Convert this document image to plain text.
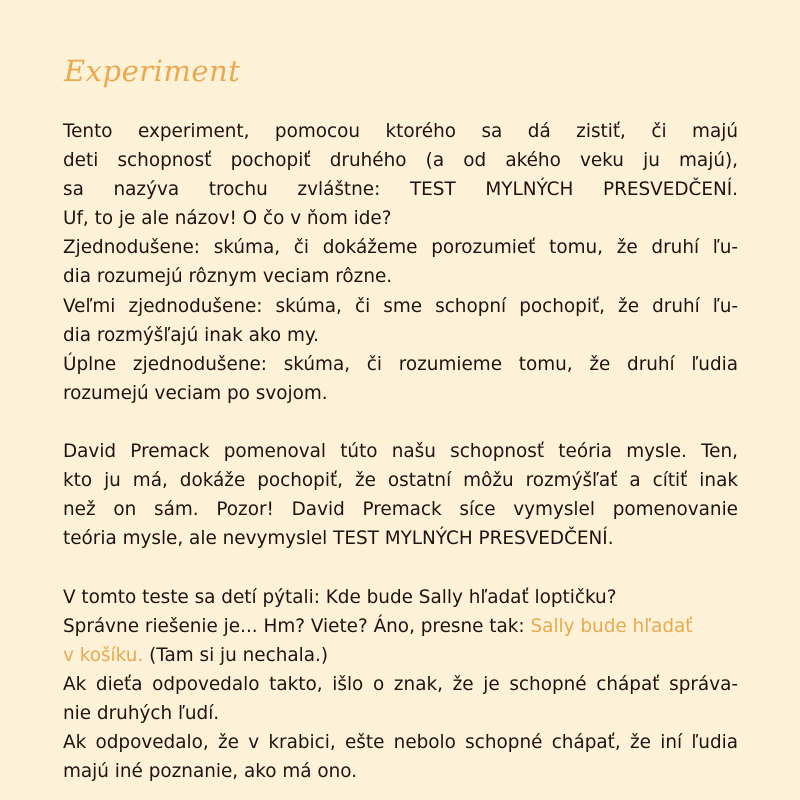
Experiment
Tento experiment, pomocou ktorého sa dá zistiť, či majú
deti schopnosť pochopiť druhého (a od akého veku ju majú),
sa nazýva trochu zvláštne: TEST MYLNÝCH PRESVEDČENÍ.
Uf, to je ale názov! O čo v ňom ide?
Zjednodušene: skúma, či dokážeme porozumieť tomu, že druhí ľu-
dia rozumejú rôznym veciam rôzne.
Veľmi zjednodušene: skúma, či sme schopní pochopiť, že druhí ľu-
dia rozmýšľajú inak ako my.
Úplne zjednodušene: skúma, či rozumieme tomu, že druhí ľudia
rozumejú veciam po svojom.
David Premack pomenoval túto našu schopnosť teória mysle. Ten,
kto ju má, dokáže pochopiť, že ostatní môžu rozmýšľať a cítiť inak
než on sám. Pozor! David Premack síce vymyslel pomenovanie
teória mysle, ale nevymyslel TEST MYLNÝCH PRESVEDČENÍ.
V tomto teste sa detí pýtali: Kde bude Sally hľadať loptičku?
Správne riešenie je... Hm? Viete? Áno, presne tak: Sally bude hľadať
v košíku. (Tam si ju nechala.)
Ak dieťa odpovedalo takto, išlo o znak, že je schopné chápať správa-
nie druhých ľudí.
Ak odpovedalo, že v krabici, ešte nebolo schopné chápať, že iní ľudia
majú iné poznanie, ako má ono.
